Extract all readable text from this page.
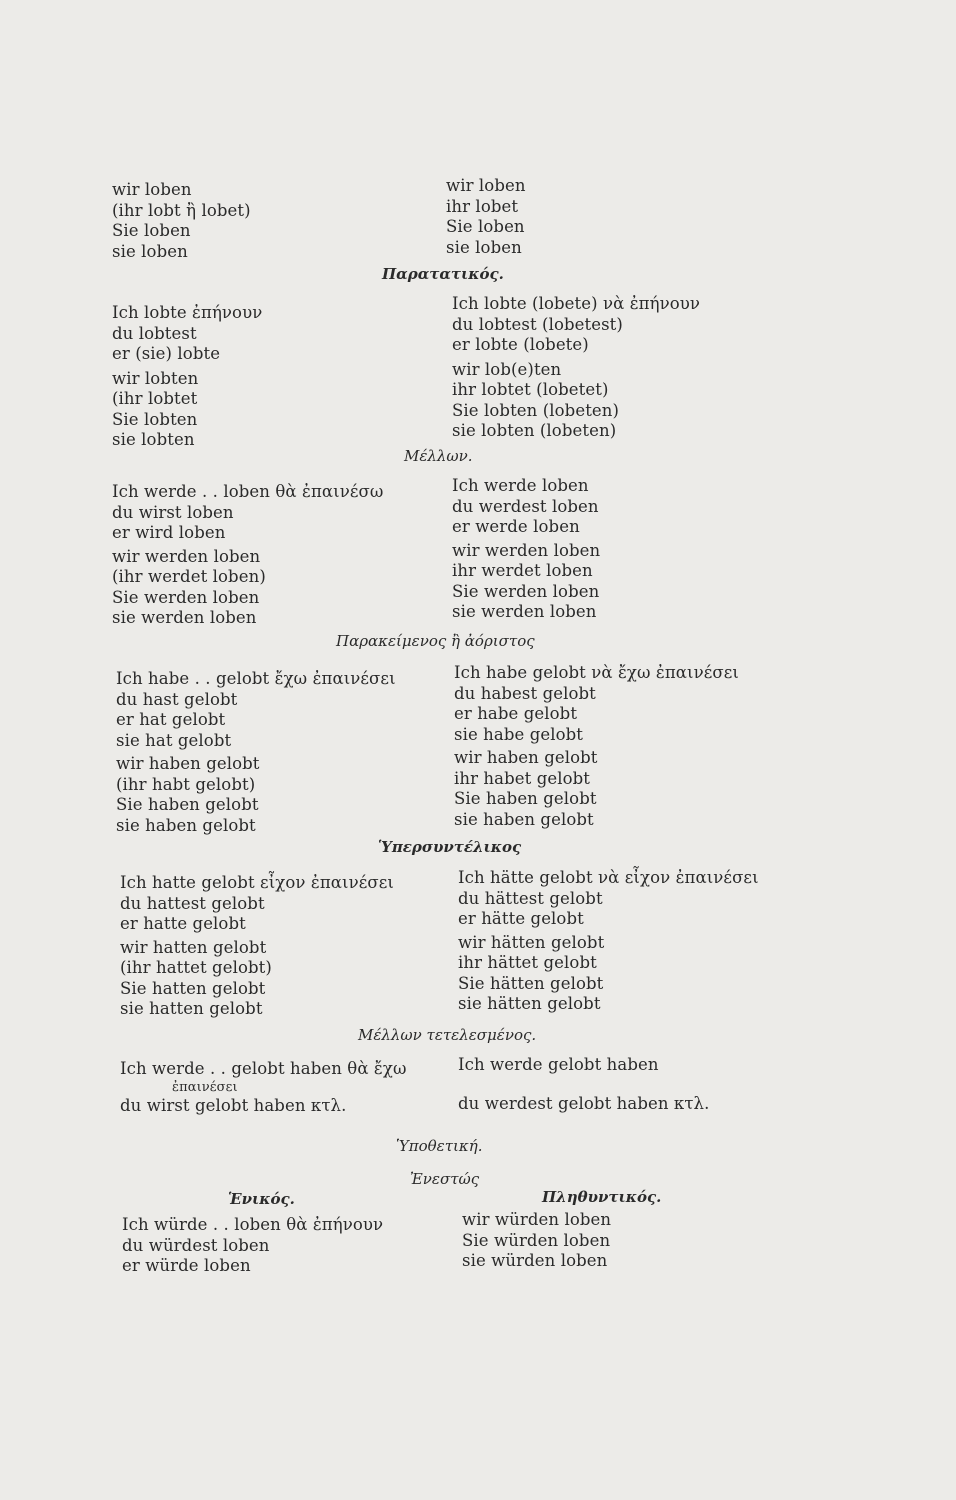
wir loben
(ihr lobt ἢ lobet)
Sie loben
sie loben
wir loben
ihr lobet
Sie loben
sie loben
Παρατατικός.
Ich lobte ἐπήνουν
du lobtest
er (sie) lobte
wir lobten
(ihr lobtet
Sie lobten
sie lobten
Ich lobte (lobete) νὰ ἐπήνουν
du lobtest (lobetest)
er lobte (lobete)
wir lob(e)ten
ihr lobtet (lobetet)
Sie lobten (lobeten)
sie lobten (lobeten)
Μέλλων.
Ich werde . . loben θὰ ἐπαινέσω
du wirst loben
er wird loben
wir werden loben
(ihr werdet loben)
Sie werden loben
sie werden loben
Ich werde loben
du werdest loben
er werde loben
wir werden loben
ihr werdet loben
Sie werden loben
sie werden loben
Παρακείμενος ἢ ἀόριστος
Ich habe . . gelobt ἔχω ἐπαινέσει
du hast gelobt
er hat gelobt
sie hat gelobt
wir haben gelobt
(ihr habt gelobt)
Sie haben gelobt
sie haben gelobt
Ich habe gelobt νὰ ἔχω ἐπαινέσει
du habest gelobt
er habe gelobt
sie habe gelobt
wir haben gelobt
ihr habet gelobt
Sie haben gelobt
sie haben gelobt
Ὑπερσυντέλικος
Ich hatte gelobt εἶχον ἐπαινέσει
du hattest gelobt
er hatte gelobt
wir hatten gelobt
(ihr hattet gelobt)
Sie hatten gelobt
sie hatten gelobt
Ich hätte gelobt νὰ εἶχον ἐπαινέσει
du hättest gelobt
er hätte gelobt
wir hätten gelobt
ihr hättet gelobt
Sie hätten gelobt
sie hätten gelobt
Μέλλων τετελεσμένος.
Ich werde . . gelobt haben θὰ ἔχω
ἐπαινέσει
du wirst gelobt haben κτλ.
Ich werde gelobt haben
du werdest gelobt haben κτλ.
Ὑποθετική.
Ἐνεστώς
Ἑνικός.	Πληθυντικός.
Ich würde . . loben θὰ ἐπήνουν
du würdest loben
er würde loben
wir würden loben
Sie würden loben
sie würden loben
